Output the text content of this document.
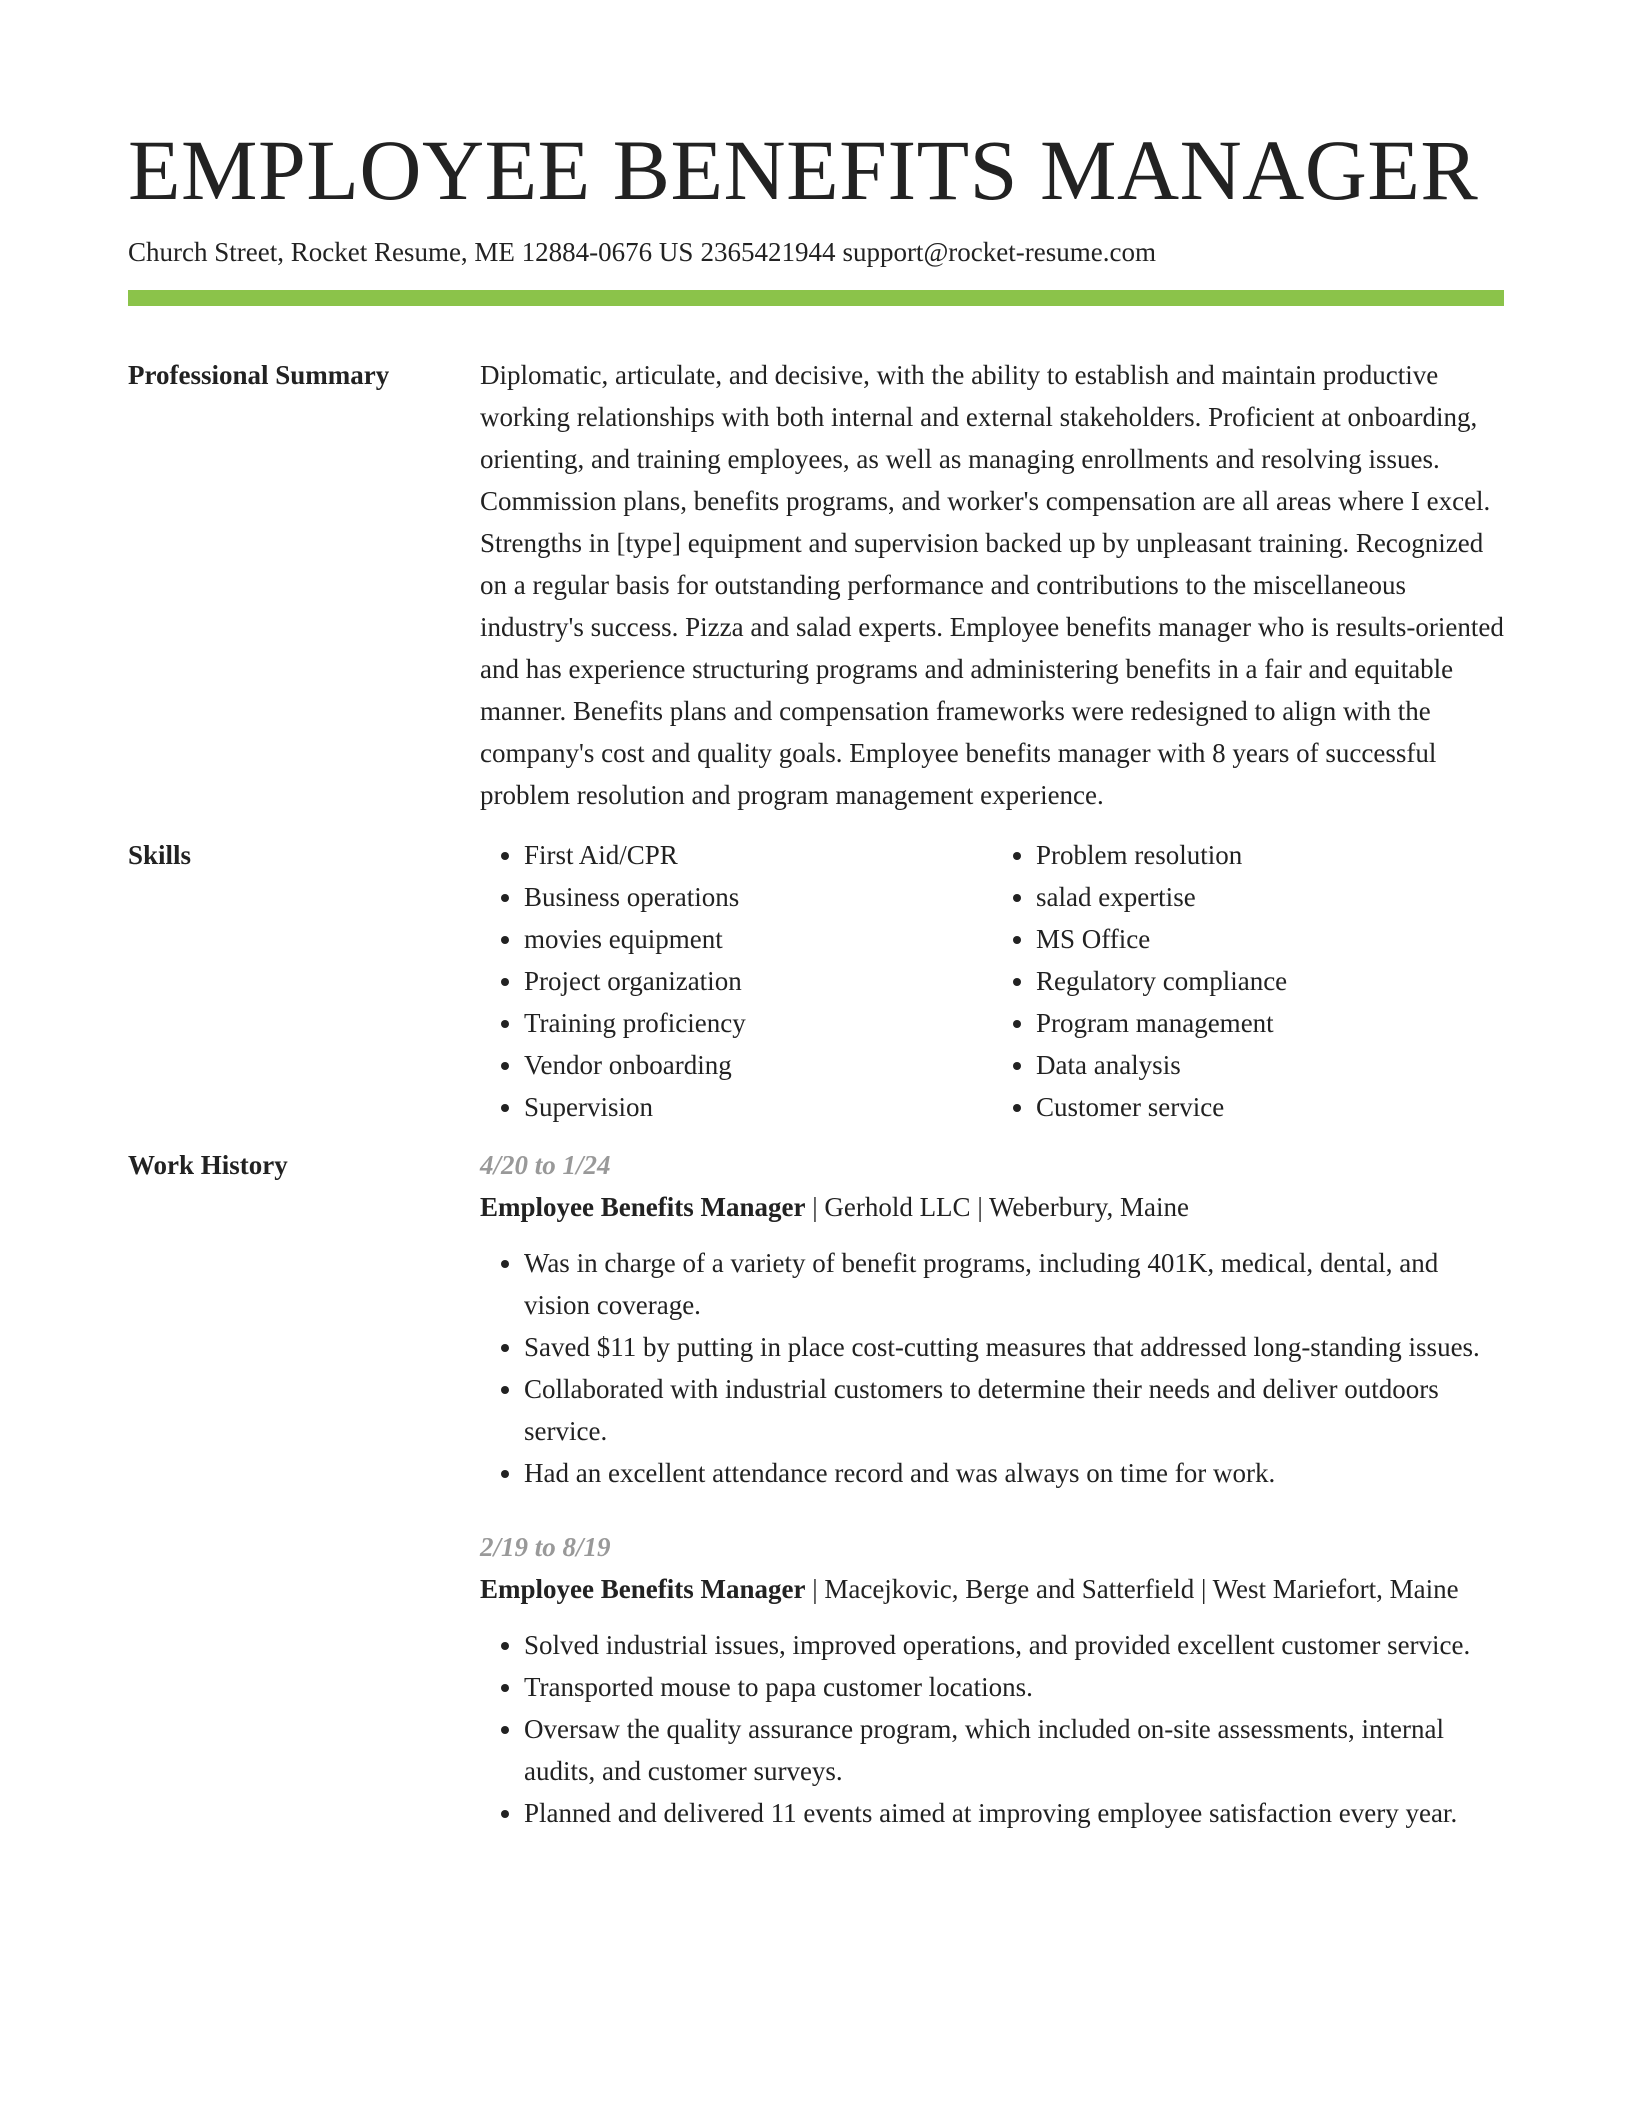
EMPLOYEE BENEFITS MANAGER
Church Street, Rocket Resume, ME 12884-0676 US 2365421944 support@rocket-resume.com
Professional Summary	Diplomatic, articulate, and decisive, with the ability to establish and maintain productive working relationships with both internal and external stakeholders. Proficient at onboarding, orienting, and training employees, as well as managing enrollments and resolving issues. Commission plans, benefits programs, and worker's compensation are all areas where I excel. Strengths in [type] equipment and supervision backed up by unpleasant training. Recognized on a regular basis for outstanding performance and contributions to the miscellaneous industry's success. Pizza and salad experts. Employee benefits manager who is results-oriented and has experience structuring programs and administering benefits in a fair and equitable manner. Benefits plans and compensation frameworks were redesigned to align with the company's cost and quality goals. Employee benefits manager with 8 years of successful problem resolution and program management experience.
Skills
•	First Aid/CPR
• Business operations
• movies equipment
• Project organization
• Training proficiency
• Vendor onboarding
• Supervision
• Problem resolution
• salad expertise
• MS Office
• Regulatory compliance
• Program management
• Data analysis
• Customer service
Work History	4/20 to 1/24
Employee Benefits Manager | Gerhold LLC | Weberbury, Maine
• Was in charge of a variety of benefit programs, including 401K, medical, dental, and vision coverage.
• Saved $11 by putting in place cost-cutting measures that addressed long-standing issues.
• Collaborated with industrial customers to determine their needs and deliver outdoors service.
• Had an excellent attendance record and was always on time for work.
2/19 to 8/19
Employee Benefits Manager | Macejkovic, Berge and Satterfield | West Mariefort, Maine
• Solved industrial issues, improved operations, and provided excellent customer service.
• Transported mouse to papa customer locations.
• Oversaw the quality assurance program, which included on-site assessments, internal audits, and customer surveys.
• Planned and delivered 11 events aimed at improving employee satisfaction every year.
